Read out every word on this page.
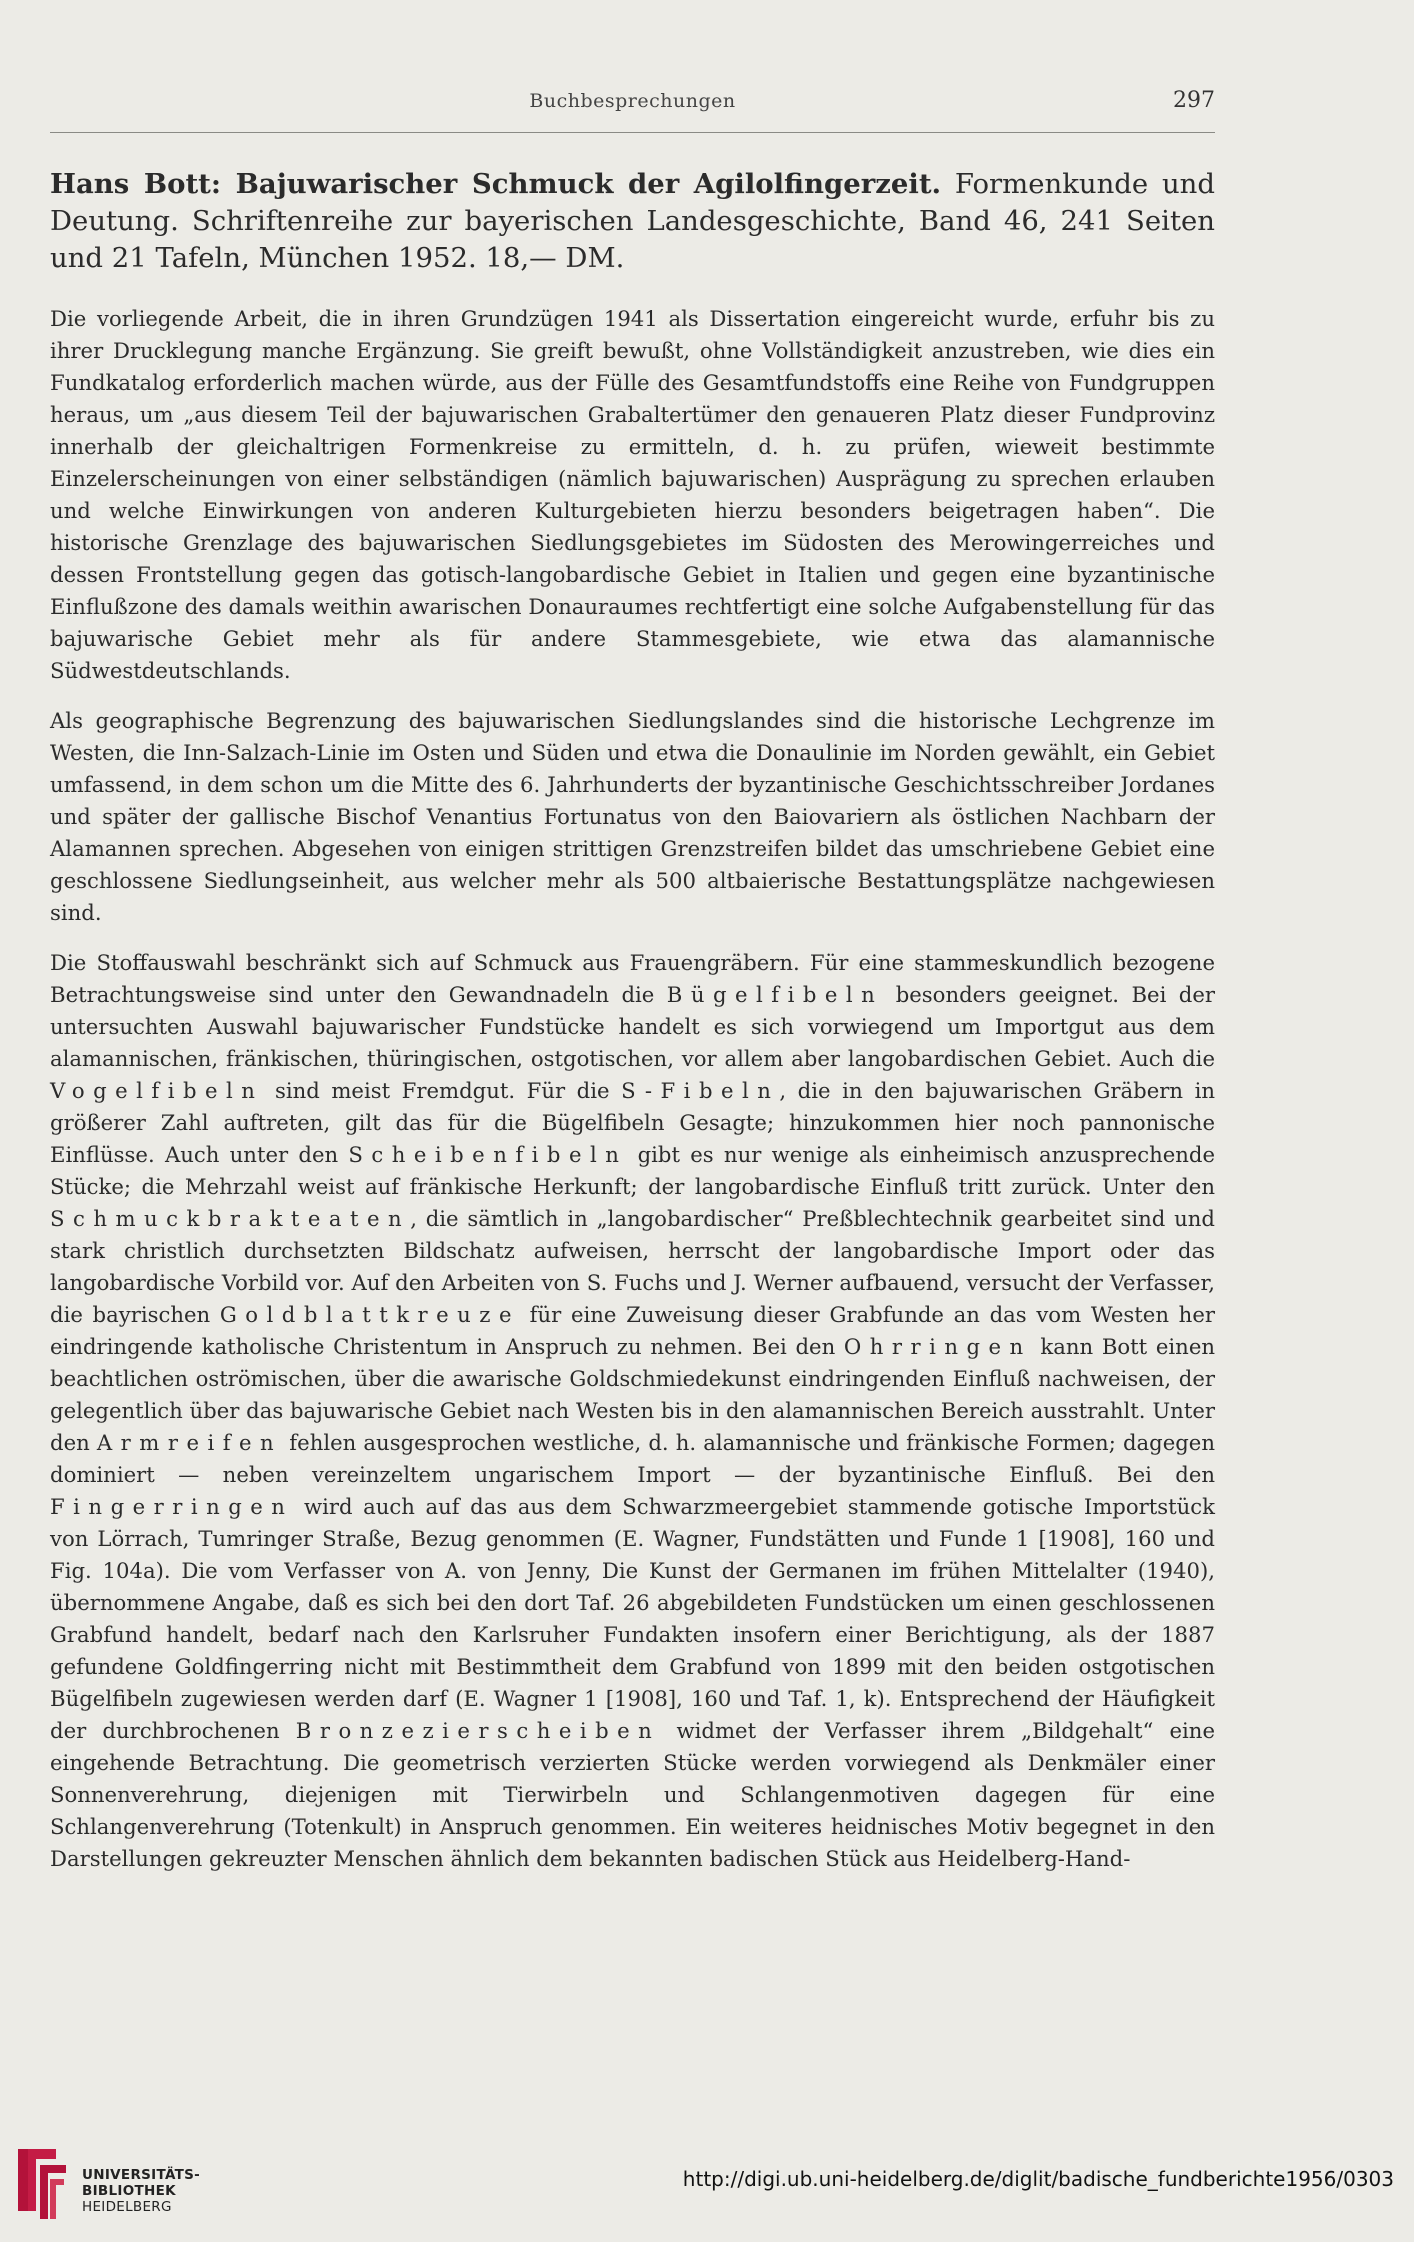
Buchbesprechungen	297

Hans Bott: Bajuwarischer Schmuck der Agilolfingerzeit. Formenkunde und Deutung. Schriftenreihe zur bayerischen Landesgeschichte, Band 46, 241 Seiten und 21 Tafeln, München 1952. 18,— DM.

Die vorliegende Arbeit, die in ihren Grundzügen 1941 als Dissertation eingereicht wurde, erfuhr bis zu ihrer Drucklegung manche Ergänzung. Sie greift bewußt, ohne Vollständigkeit anzustreben, wie dies ein Fundkatalog erforderlich machen würde, aus der Fülle des Gesamtfundstoffs eine Reihe von Fundgruppen heraus, um „aus diesem Teil der bajuwarischen Grabaltertümer den genaueren Platz dieser Fundprovinz innerhalb der gleichaltrigen Formenkreise zu ermitteln, d. h. zu prüfen, wieweit bestimmte Einzelerscheinungen von einer selbständigen (nämlich bajuwarischen) Ausprägung zu sprechen erlauben und welche Einwirkungen von anderen Kulturgebieten hierzu besonders beigetragen haben“. Die historische Grenzlage des bajuwarischen Siedlungsgebietes im Südosten des Merowingerreiches und dessen Frontstellung gegen das gotisch-langobardische Gebiet in Italien und gegen eine byzantinische Einflußzone des damals weithin awarischen Donauraumes rechtfertigt eine solche Aufgabenstellung für das bajuwarische Gebiet mehr als für andere Stammesgebiete, wie etwa das alamannische Südwestdeutschlands.

Als geographische Begrenzung des bajuwarischen Siedlungslandes sind die historische Lechgrenze im Westen, die Inn-Salzach-Linie im Osten und Süden und etwa die Donaulinie im Norden gewählt, ein Gebiet umfassend, in dem schon um die Mitte des 6. Jahrhunderts der byzantinische Geschichtsschreiber Jordanes und später der gallische Bischof Venantius Fortunatus von den Baiovariern als östlichen Nachbarn der Alamannen sprechen. Abgesehen von einigen strittigen Grenzstreifen bildet das umschriebene Gebiet eine geschlossene Siedlungseinheit, aus welcher mehr als 500 altbaierische Bestattungsplätze nachgewiesen sind.

Die Stoffauswahl beschränkt sich auf Schmuck aus Frauengräbern. Für eine stammeskundlich bezogene Betrachtungsweise sind unter den Gewandnadeln die Bügelfibeln besonders geeignet. Bei der untersuchten Auswahl bajuwarischer Fundstücke handelt es sich vorwiegend um Importgut aus dem alamannischen, fränkischen, thüringischen, ostgotischen, vor allem aber langobardischen Gebiet. Auch die Vogelfibeln sind meist Fremdgut. Für die S-Fibeln, die in den bajuwarischen Gräbern in größerer Zahl auftreten, gilt das für die Bügelfibeln Gesagte; hinzukommen hier noch pannonische Einflüsse. Auch unter den Scheibenfibeln gibt es nur wenige als einheimisch anzusprechende Stücke; die Mehrzahl weist auf fränkische Herkunft; der langobardische Einfluß tritt zurück. Unter den Schmuckbrakteaten, die sämtlich in „langobardischer“ Preßblechtechnik gearbeitet sind und stark christlich durchsetzten Bildschatz aufweisen, herrscht der langobardische Import oder das langobardische Vorbild vor. Auf den Arbeiten von S. Fuchs und J. Werner aufbauend, versucht der Verfasser, die bayrischen Goldblattkreuze für eine Zuweisung dieser Grabfunde an das vom Westen her eindringende katholische Christentum in Anspruch zu nehmen. Bei den Ohrringen kann Bott einen beachtlichen oströmischen, über die awarische Goldschmiedekunst eindringenden Einfluß nachweisen, der gelegentlich über das bajuwarische Gebiet nach Westen bis in den alamannischen Bereich ausstrahlt. Unter den Armreifen fehlen ausgesprochen westliche, d. h. alamannische und fränkische Formen; dagegen dominiert — neben vereinzeltem ungarischem Import — der byzantinische Einfluß. Bei den Fingerringen wird auch auf das aus dem Schwarzmeergebiet stammende gotische Importstück von Lörrach, Tumringer Straße, Bezug genommen (E. Wagner, Fundstätten und Funde 1 [1908], 160 und Fig. 104a). Die vom Verfasser von A. von Jenny, Die Kunst der Germanen im frühen Mittelalter (1940), übernommene Angabe, daß es sich bei den dort Taf. 26 abgebildeten Fundstücken um einen geschlossenen Grabfund handelt, bedarf nach den Karlsruher Fundakten insofern einer Berichtigung, als der 1887 gefundene Goldfingerring nicht mit Bestimmtheit dem Grabfund von 1899 mit den beiden ostgotischen Bügelfibeln zugewiesen werden darf (E. Wagner 1 [1908], 160 und Taf. 1, k). Entsprechend der Häufigkeit der durchbrochenen Bronzezierscheiben widmet der Verfasser ihrem „Bildgehalt“ eine eingehende Betrachtung. Die geometrisch verzierten Stücke werden vorwiegend als Denkmäler einer Sonnenverehrung, diejenigen mit Tierwirbeln und Schlangenmotiven dagegen für eine Schlangenverehrung (Totenkult) in Anspruch genommen. Ein weiteres heidnisches Motiv begegnet in den Darstellungen gekreuzter Menschen ähnlich dem bekannten badischen Stück aus Heidelberg-Hand-

UNIVERSITÄTS-
BIBLIOTHEK
HEIDELBERG
http://digi.ub.uni-heidelberg.de/diglit/badische_fundberichte1956/0303
